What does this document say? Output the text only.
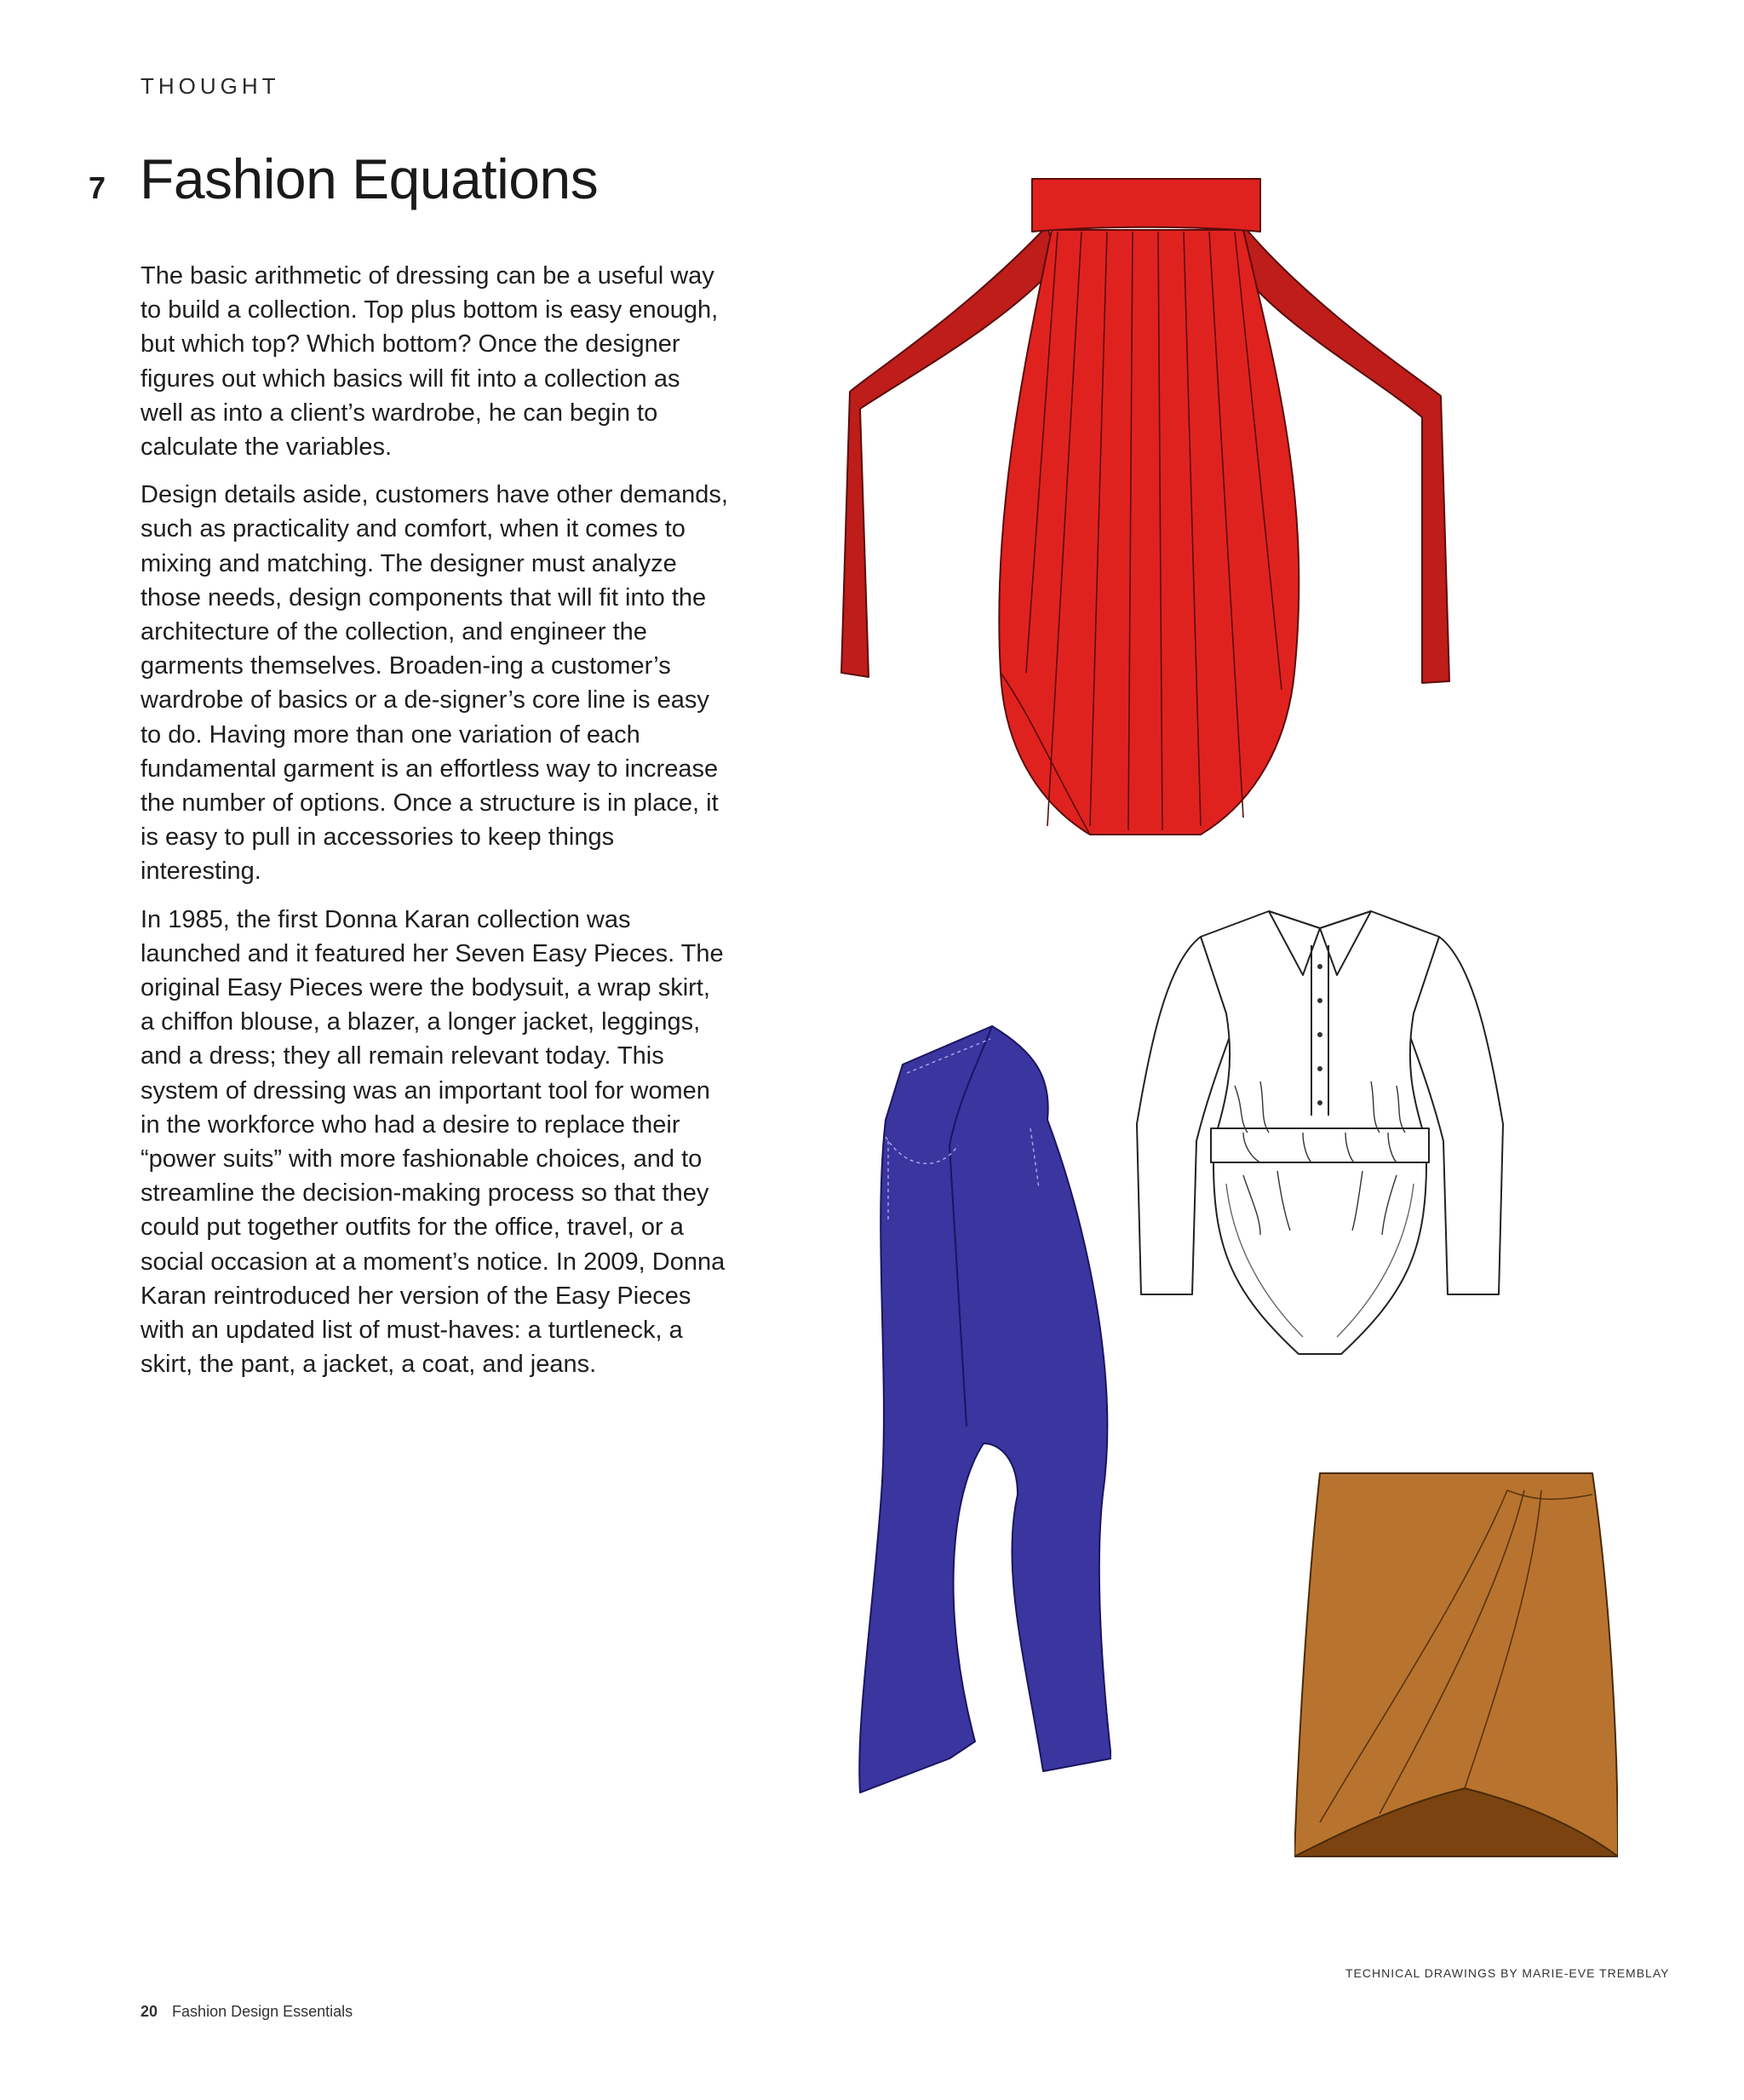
THOUGHT
7 Fashion Equations

The basic arithmetic of dressing can be a useful way to build a collection. Top plus bottom is easy enough, but which top? Which bottom? Once the designer figures out which basics will fit into a collection as well as into a client’s wardrobe, he can begin to calculate the variables.

Design details aside, customers have other demands, such as practicality and comfort, when it comes to mixing and matching. The designer must analyze those needs, design components that will fit into the architecture of the collection, and engineer the garments themselves. Broaden-ing a customer’s wardrobe of basics or a de-signer’s core line is easy to do. Having more than one variation of each fundamental garment is an effortless way to increase the number of options. Once a structure is in place, it is easy to pull in accessories to keep things interesting.

In 1985, the first Donna Karan collection was launched and it featured her Seven Easy Pieces. The original Easy Pieces were the bodysuit, a wrap skirt, a chiffon blouse, a blazer, a longer jacket, leggings, and a dress; they all remain relevant today. This system of dressing was an important tool for women in the workforce who had a desire to replace their “power suits” with more fashionable choices, and to streamline the decision-making process so that they could put together outfits for the office, travel, or a social occasion at a moment’s notice. In 2009, Donna Karan reintroduced her version of the Easy Pieces with an updated list of must-haves: a turtleneck, a skirt, the pant, a jacket, a coat, and jeans.

TECHNICAL DRAWINGS BY MARIE-EVE TREMBLAY
20 Fashion Design Essentials
